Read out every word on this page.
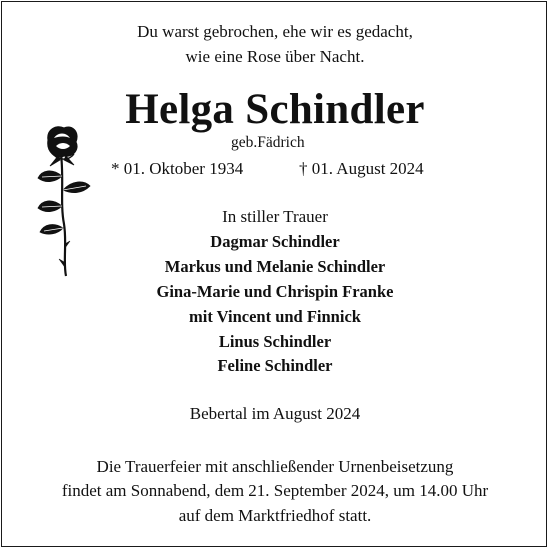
Du warst gebrochen, ehe wir es gedacht,
wie eine Rose über Nacht.
Helga Schindler
geb.Fädrich
* 01. Oktober 1934	† 01. August 2024
In stiller Trauer
Dagmar Schindler
Markus und Melanie Schindler
Gina-Marie und Chrispin Franke
mit Vincent und Finnick
Linus Schindler
Feline Schindler
Bebertal im August 2024
Die Trauerfeier mit anschließender Urnenbeisetzung
findet am Sonnabend, dem 21. September 2024, um 14.00 Uhr
auf dem Marktfriedhof statt.
